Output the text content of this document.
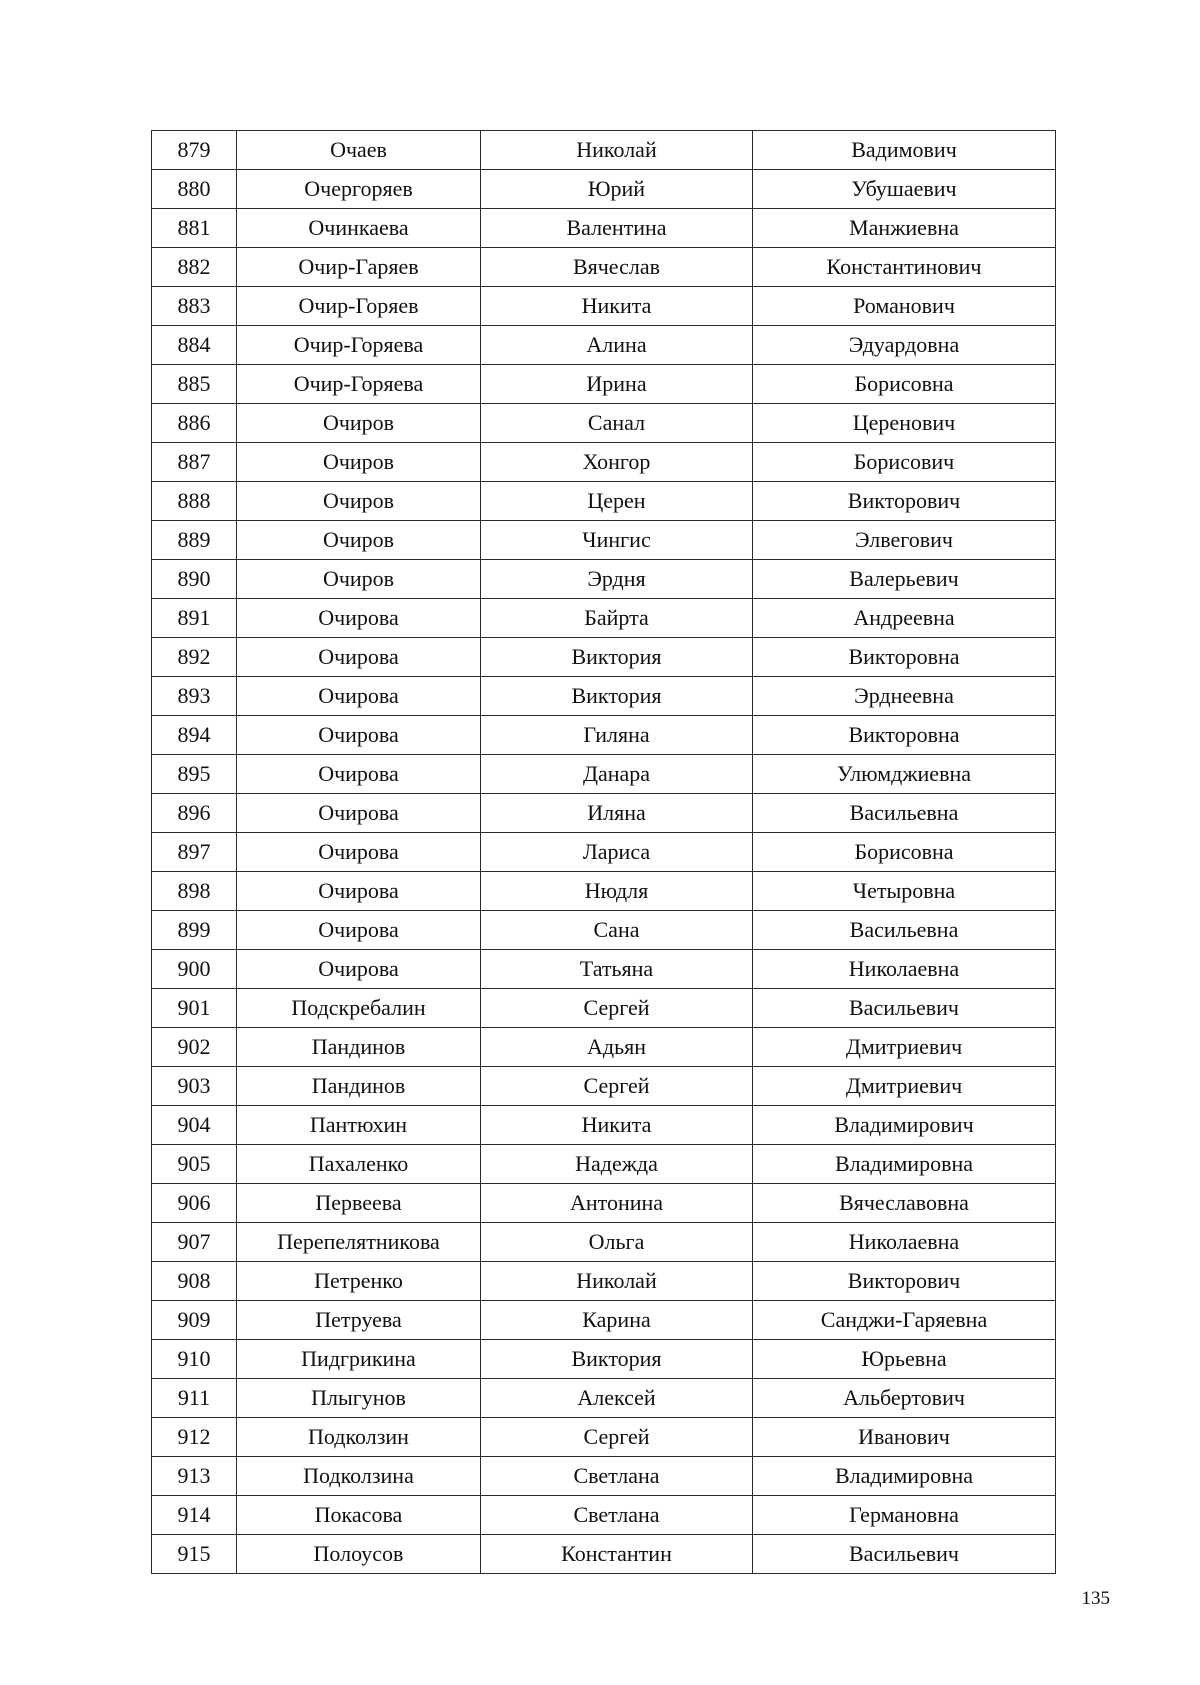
879	Очаев	Николай	Вадимович
880	Очергоряев	Юрий	Убушаевич
881	Очинкаева	Валентина	Манжиевна
882	Очир-Гаряев	Вячеслав	Константинович
883	Очир-Горяев	Никита	Романович
884	Очир-Горяева	Алина	Эдуардовна
885	Очир-Горяева	Ирина	Борисовна
886	Очиров	Санал	Церенович
887	Очиров	Хонгор	Борисович
888	Очиров	Церен	Викторович
889	Очиров	Чингис	Элвегович
890	Очиров	Эрдня	Валерьевич
891	Очирова	Байрта	Андреевна
892	Очирова	Виктория	Викторовна
893	Очирова	Виктория	Эрднеевна
894	Очирова	Гиляна	Викторовна
895	Очирова	Данара	Улюмджиевна
896	Очирова	Иляна	Васильевна
897	Очирова	Лариса	Борисовна
898	Очирова	Нюдля	Четыровна
899	Очирова	Сана	Васильевна
900	Очирова	Татьяна	Николаевна
901	Подскребалин	Сергей	Васильевич
902	Пандинов	Адьян	Дмитриевич
903	Пандинов	Сергей	Дмитриевич
904	Пантюхин	Никита	Владимирович
905	Пахаленко	Надежда	Владимировна
906	Первеева	Антонина	Вячеславовна
907	Перепелятникова	Ольга	Николаевна
908	Петренко	Николай	Викторович
909	Петруева	Карина	Санджи-Гаряевна
910	Пидгрикина	Виктория	Юрьевна
911	Плыгунов	Алексей	Альбертович
912	Подколзин	Сергей	Иванович
913	Подколзина	Светлана	Владимировна
914	Покасова	Светлана	Германовна
915	Полоусов	Константин	Васильевич
135
